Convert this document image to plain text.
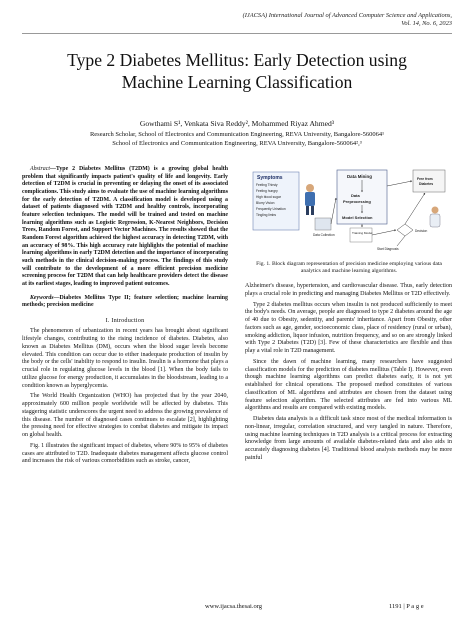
(IJACSA) International Journal of Advanced Computer Science and Applications,
Vol. 14, No. 6, 2023
Type 2 Diabetes Mellitus: Early Detection using
Machine Learning Classification
Gowthami S¹, Venkata Siva Reddy², Mohammed Riyaz Ahmed³
Research Scholar, School of Electronics and Communication Engineering, REVA University, Bangalore-560064¹
School of Electronics and Communication Engineering, REVA University, Bangalore-560064²,³
Abstract—Type 2 Diabetes Mellitus (T2DM) is a growing global health problem that significantly impacts patient's quality of life and longevity. Early detection of T2DM is crucial in preventing or delaying the onset of its associated complications. This study aims to evaluate the use of machine learning algorithms for the early detection of T2DM. A classification model is developed using a dataset of patients diagnosed with T2DM and healthy controls, incorporating feature selection techniques. The model will be trained and tested on machine learning algorithms such as Logistic Regression, K-Nearest Neighbors, Decision Trees, Random Forest, and Support Vector Machines. The results showed that the Random Forest algorithm achieved the highest accuracy in detecting T2DM, with an accuracy of 98%. This high accuracy rate highlights the potential of machine learning algorithms in early T2DM detection and the importance of incorporating such methods in the clinical decision-making process. The findings of this study will contribute to the development of a more efficient precision medicine screening process for T2DM that can help healthcare providers detect the disease at its earliest stages, leading to improved patient outcomes.
Keywords—Diabetes Mellitus Type II; feature selection; machine learning methods; precision medicine
I. Introduction

The phenomenon of urbanization in recent years has brought about significant lifestyle changes, contributing to the rising incidence of diabetes. Diabetes, also known as Diabetes Mellitus (DM), occurs when the blood sugar levels become elevated. This condition can occur due to either inadequate production of insulin by the body or the cells' inability to respond to insulin. Insulin is a hormone that plays a crucial role in regulating glucose levels in the blood [1]. When the body fails to utilize glucose for energy production, it accumulates in the bloodstream, leading to a condition known as hyperglycemia.

The World Health Organization (WHO) has projected that by the year 2040, approximately 600 million people worldwide will be affected by diabetes. This staggering statistic underscores the urgent need to address the growing prevalence of this disease. The number of diagnosed cases continues to escalate [2], highlighting the pressing need for effective strategies to combat diabetes and mitigate its impact on global health.

Fig. 1 illustrates the significant impact of diabetes, where 90% to 95% of diabetes cases are attributed to T2D. Inadequate diabetes management affects glucose control and increases the risk of various comorbidities such as stroke, cancer,

Symptoms
Feeling Thirsty
Feeling hungry
High blood sugar
Blurry Vision
Frequently Urination
Tingling limbs
Data Mining
Data
Preprocessing
Model Selection
Free from
Diabetes
Data Collection	Training Model	Decision
Start Diagnosis
Fig. 1. Block diagram representation of precision medicine employing various data analytics and machine learning algorithms.

Alzheimer's disease, hypertension, and cardiovascular disease. Thus, early detection plays a crucial role in predicting and managing Diabetes Mellitus or T2D effectively.

Type 2 diabetes mellitus occurs when insulin is not produced sufficiently to meet the body's needs. On average, people are diagnosed to type 2 diabetes around the age of 40 due to Obesity, sedentity, and parents' inheritance. Apart from Obesity, other factors such as age, gender, socioeconomic class, place of residency (rural or urban), smoking addiction, liquor infusion, nutrition frequency, and so on are strongly linked with Type 2 Diabetes (T2D) [3]. Few of these characteristics are flexible and thus play a vital role in T2D management.

Since the dawn of machine learning, many researchers have suggested classification models for the prediction of diabetes mellitus (Table I). However, even though machine learning algorithms can predict diabetes early, it is not yet established for clinical operations. The proposed method constitutes of various classification of ML algorithms and attributes are chosen from the dataset using feature selection algorithm. The selected attributes are fed into various ML algorithms and results are compared with existing models.

Diabetes data analysis is a difficult task since most of the medical information is non-linear, irregular, correlation structured, and very tangled in nature. Therefore, using machine learning techniques in T2D analysis is a critical process for extracting knowledge from large amounts of available diabetes-related data and also aids in accurately diagnosing diabetes [4]. Traditional blood analysis methods may be more painful

www.ijacsa.thesai.org	1191 | P a g e
